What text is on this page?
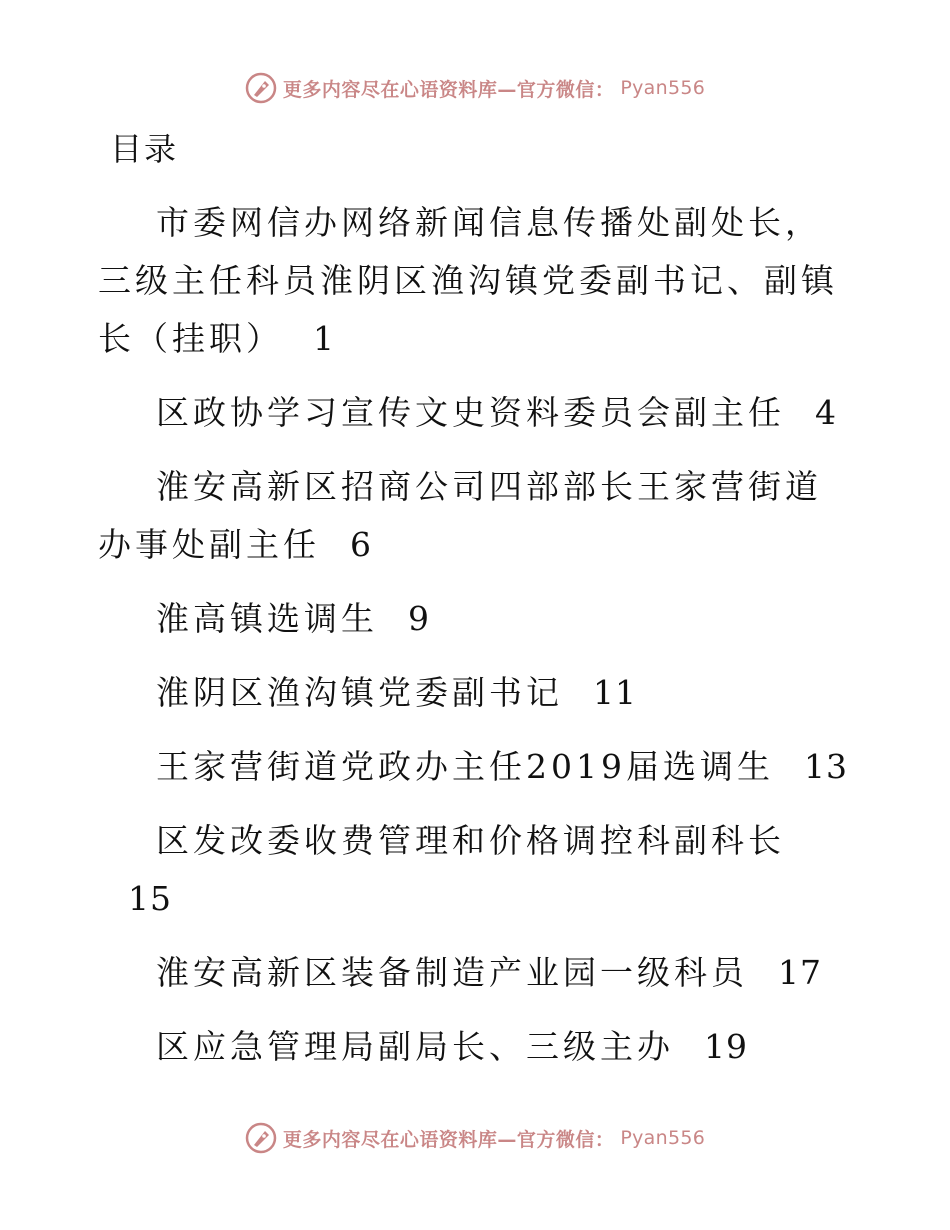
更多内容尽在心语资料库—官方微信： Pyan556
目录
市委网信办网络新闻信息传播处副处长，三级主任科员淮阴区渔沟镇党委副书记、副镇长（挂职） 1
区政协学习宣传文史资料委员会副主任 4
淮安高新区招商公司四部部长王家营街道办事处副主任 6
淮高镇选调生 9
淮阴区渔沟镇党委副书记 11
王家营街道党政办主任2019届选调生 13
区发改委收费管理和价格调控科副科长15
淮安高新区装备制造产业园一级科员 17
区应急管理局副局长、三级主办 19
更多内容尽在心语资料库—官方微信： Pyan556
